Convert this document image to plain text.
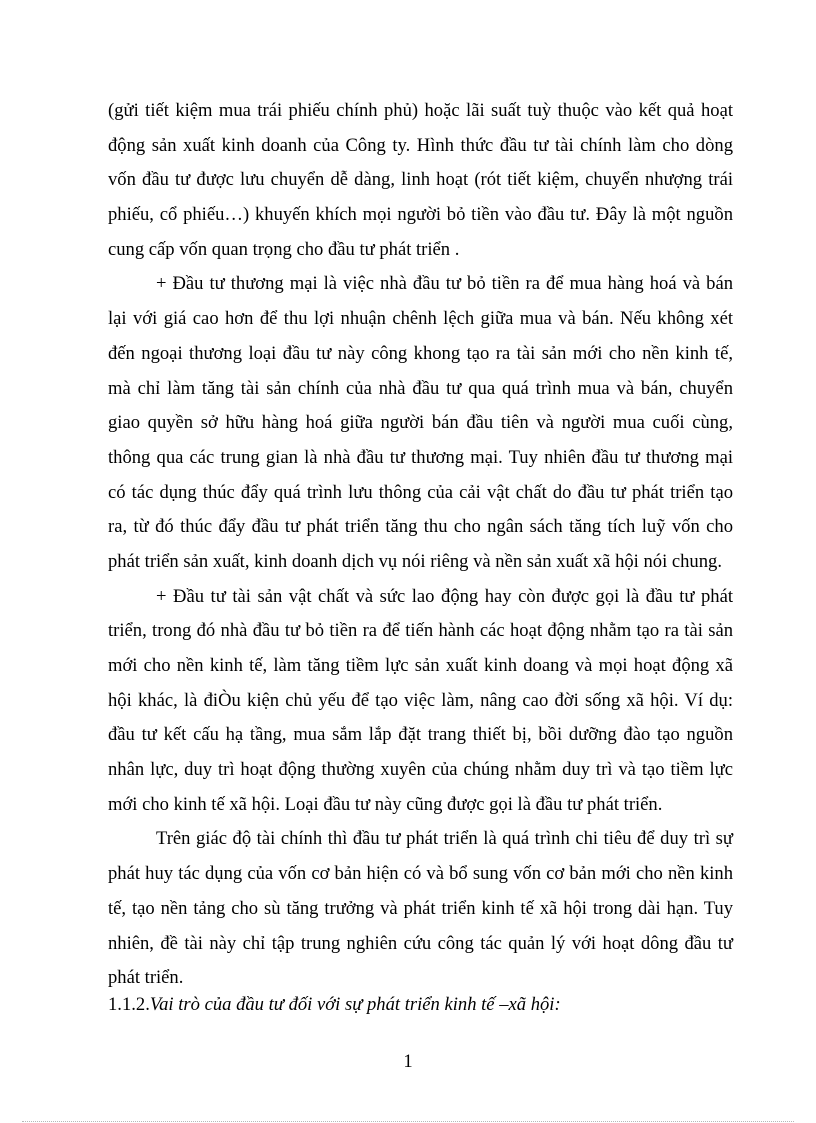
(gửi tiết kiệm mua trái phiếu chính phủ) hoặc lãi suất tuỳ thuộc vào kết quả hoạt
động sản xuất kinh doanh của Công ty. Hình thức đầu tư tài chính làm cho dòng
vốn đầu tư được lưu chuyển dễ dàng, linh hoạt (rót tiết kiệm, chuyển nhượng trái
phiếu, cổ phiếu…) khuyến khích mọi người bỏ tiền vào đầu tư. Đây là một nguồn
cung cấp vốn quan trọng cho đầu tư phát triển .
+ Đầu tư thương mại là việc nhà đầu tư bỏ tiền ra để mua hàng hoá và bán
lại với giá cao hơn để thu lợi nhuận chênh lệch giữa mua và bán. Nếu không xét
đến ngoại thương loại đầu tư này công khong tạo ra tài sản mới cho nền kinh tế,
mà chỉ làm tăng tài sản chính của nhà đầu tư qua quá trình mua và bán, chuyển
giao quyền sở hữu hàng hoá giữa người bán đầu tiên và người mua cuối cùng,
thông qua các trung gian là nhà đầu tư thương mại. Tuy nhiên đầu tư thương mại
có tác dụng thúc đẩy quá trình lưu thông của cải vật chất do đầu tư phát triển tạo
ra, từ đó thúc đẩy đầu tư phát triển tăng thu cho ngân sách tăng tích luỹ vốn cho
phát triển sản xuất, kinh doanh dịch vụ nói riêng và nền sản xuất xã hội nói chung.
+ Đầu tư tài sản vật chất và sức lao động hay còn được gọi là đầu tư phát
triển, trong đó nhà đầu tư bỏ tiền ra để tiến hành các hoạt động nhằm tạo ra tài sản
mới cho nền kinh tế, làm tăng tiềm lực sản xuất kinh doang và mọi hoạt động xã
hội khác, là điÒu kiện chủ yếu để tạo việc làm, nâng cao đời sống xã hội. Ví dụ:
đầu tư kết cấu hạ tầng, mua sắm lắp đặt trang thiết bị, bồi dưỡng đào tạo nguồn
nhân lực, duy trì hoạt động thường xuyên của chúng nhằm duy trì và tạo tiềm lực
mới cho kinh tế xã hội. Loại đầu tư này cũng được gọi là đầu tư phát triển.
Trên giác độ tài chính thì đầu tư phát triển là quá trình chi tiêu để duy trì sự
phát huy tác dụng của vốn cơ bản hiện có và bổ sung vốn cơ bản mới cho nền kinh
tế, tạo nền tảng cho sù tăng trưởng và phát triển kinh tế xã hội trong dài hạn. Tuy
nhiên, đề tài này chỉ tập trung nghiên cứu công tác quản lý với hoạt dông đầu tư
phát triển.
1.1.2.Vai trò của đầu tư đối với sự phát triển kinh tế –xã hội:
1
